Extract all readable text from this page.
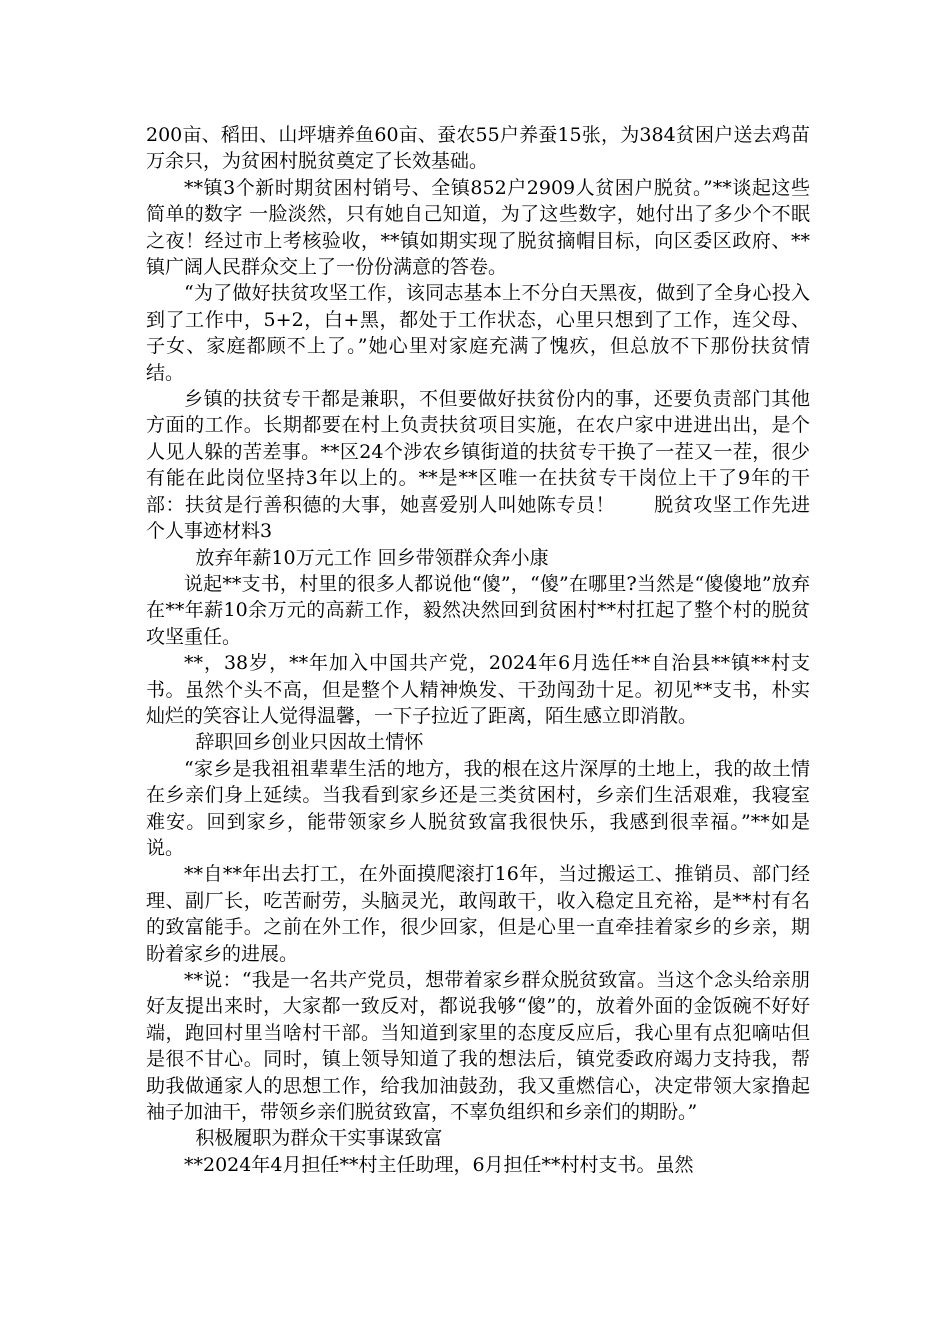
200亩、稻田、山坪塘养鱼60亩、蚕农55户养蚕15张，为384贫困户送去鸡苗万余只，为贫困村脱贫奠定了长效基础。

**镇3个新时期贫困村销号、全镇852户2909人贫困户脱贫。”**谈起这些简单的数字 一脸淡然，只有她自己知道，为了这些数字，她付出了多少个不眠之夜！经过市上考核验收，**镇如期实现了脱贫摘帽目标，向区委区政府、**镇广阔人民群众交上了一份份满意的答卷。

“为了做好扶贫攻坚工作，该同志基本上不分白天黑夜，做到了全身心投入到了工作中，5+2，白+黑，都处于工作状态，心里只想到了工作，连父母、子女、家庭都顾不上了。”她心里对家庭充满了愧疚，但总放不下那份扶贫情结。

乡镇的扶贫专干都是兼职，不但要做好扶贫份内的事，还要负责部门其他方面的工作。长期都要在村上负责扶贫项目实施，在农户家中进进出出，是个人见人躲的苦差事。**区24个涉农乡镇街道的扶贫专干换了一茬又一茬，很少有能在此岗位坚持3年以上的。**是**区唯一在扶贫专干岗位上干了9年的干部：扶贫是行善积德的大事，她喜爱别人叫她陈专员！　　脱贫攻坚工作先进个人事迹材料3

放弃年薪10万元工作 回乡带领群众奔小康

说起**支书，村里的很多人都说他“傻”，“傻”在哪里?当然是“傻傻地”放弃在**年薪10余万元的高薪工作，毅然决然回到贫困村**村扛起了整个村的脱贫攻坚重任。

**，38岁，**年加入中国共产党，2024年6月选任**自治县**镇**村支书。虽然个头不高，但是整个人精神焕发、干劲闯劲十足。初见**支书，朴实灿烂的笑容让人觉得温馨，一下子拉近了距离，陌生感立即消散。

辞职回乡创业只因故土情怀

“家乡是我祖祖辈辈生活的地方，我的根在这片深厚的土地上，我的故土情在乡亲们身上延续。当我看到家乡还是三类贫困村，乡亲们生活艰难，我寝室难安。回到家乡，能带领家乡人脱贫致富我很快乐，我感到很幸福。”**如是说。

**自**年出去打工，在外面摸爬滚打16年，当过搬运工、推销员、部门经理、副厂长，吃苦耐劳，头脑灵光，敢闯敢干，收入稳定且充裕，是**村有名的致富能手。之前在外工作，很少回家，但是心里一直牵挂着家乡的乡亲，期盼着家乡的进展。

**说：“我是一名共产党员，想带着家乡群众脱贫致富。当这个念头给亲朋好友提出来时，大家都一致反对，都说我够“傻”的，放着外面的金饭碗不好好端，跑回村里当啥村干部。当知道到家里的态度反应后，我心里有点犯嘀咕但是很不甘心。同时，镇上领导知道了我的想法后，镇党委政府竭力支持我，帮助我做通家人的思想工作，给我加油鼓劲，我又重燃信心，决定带领大家撸起袖子加油干，带领乡亲们脱贫致富，不辜负组织和乡亲们的期盼。”

积极履职为群众干实事谋致富

**2024年4月担任**村主任助理，6月担任**村村支书。虽然
